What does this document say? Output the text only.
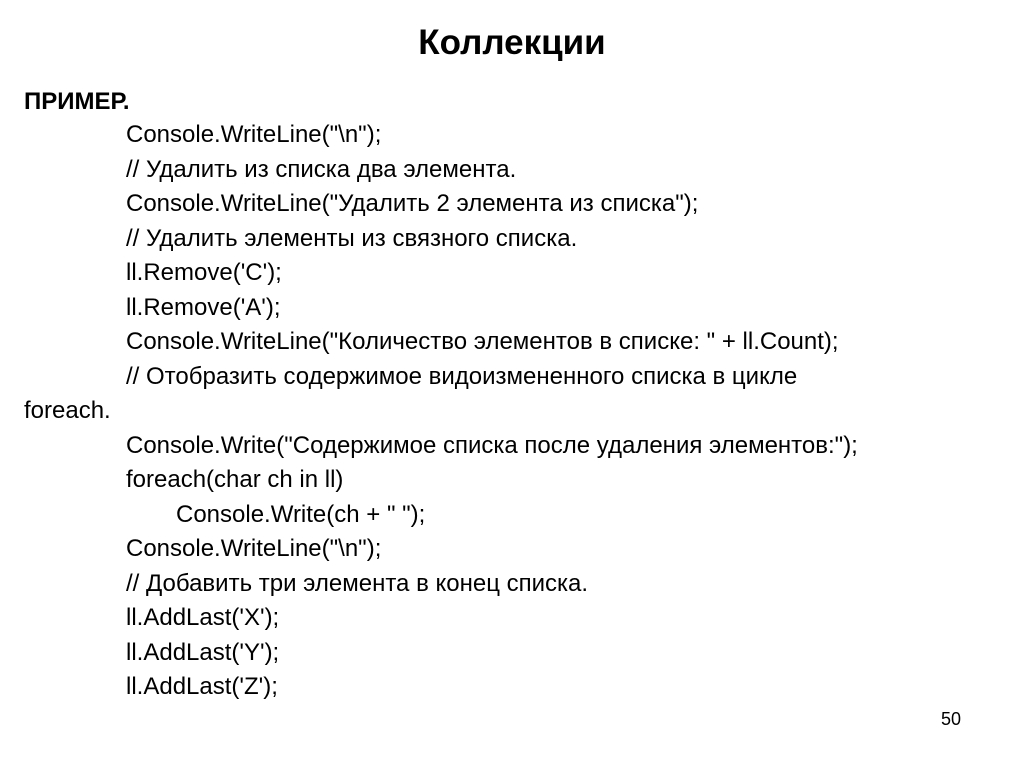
Коллекции
ПРИМЕР.
Console.WriteLine("\n");
// Удалить из списка два элемента.
Console.WriteLine("Удалить 2 элемента из списка");
// Удалить элементы из связного списка.
ll.Remove('C');
ll.Remove('A');
Console.WriteLine("Количество элементов в списке: " + ll.Count);
// Отобразить содержимое видоизмененного списка в цикле
foreach.
Console.Write("Содержимое списка после удаления элементов:");
foreach(char ch in ll)
Console.Write(ch + " ");
Console.WriteLine("\n");
// Добавить три элемента в конец списка.
ll.AddLast('X');
ll.AddLast('Y');
ll.AddLast('Z');
50
